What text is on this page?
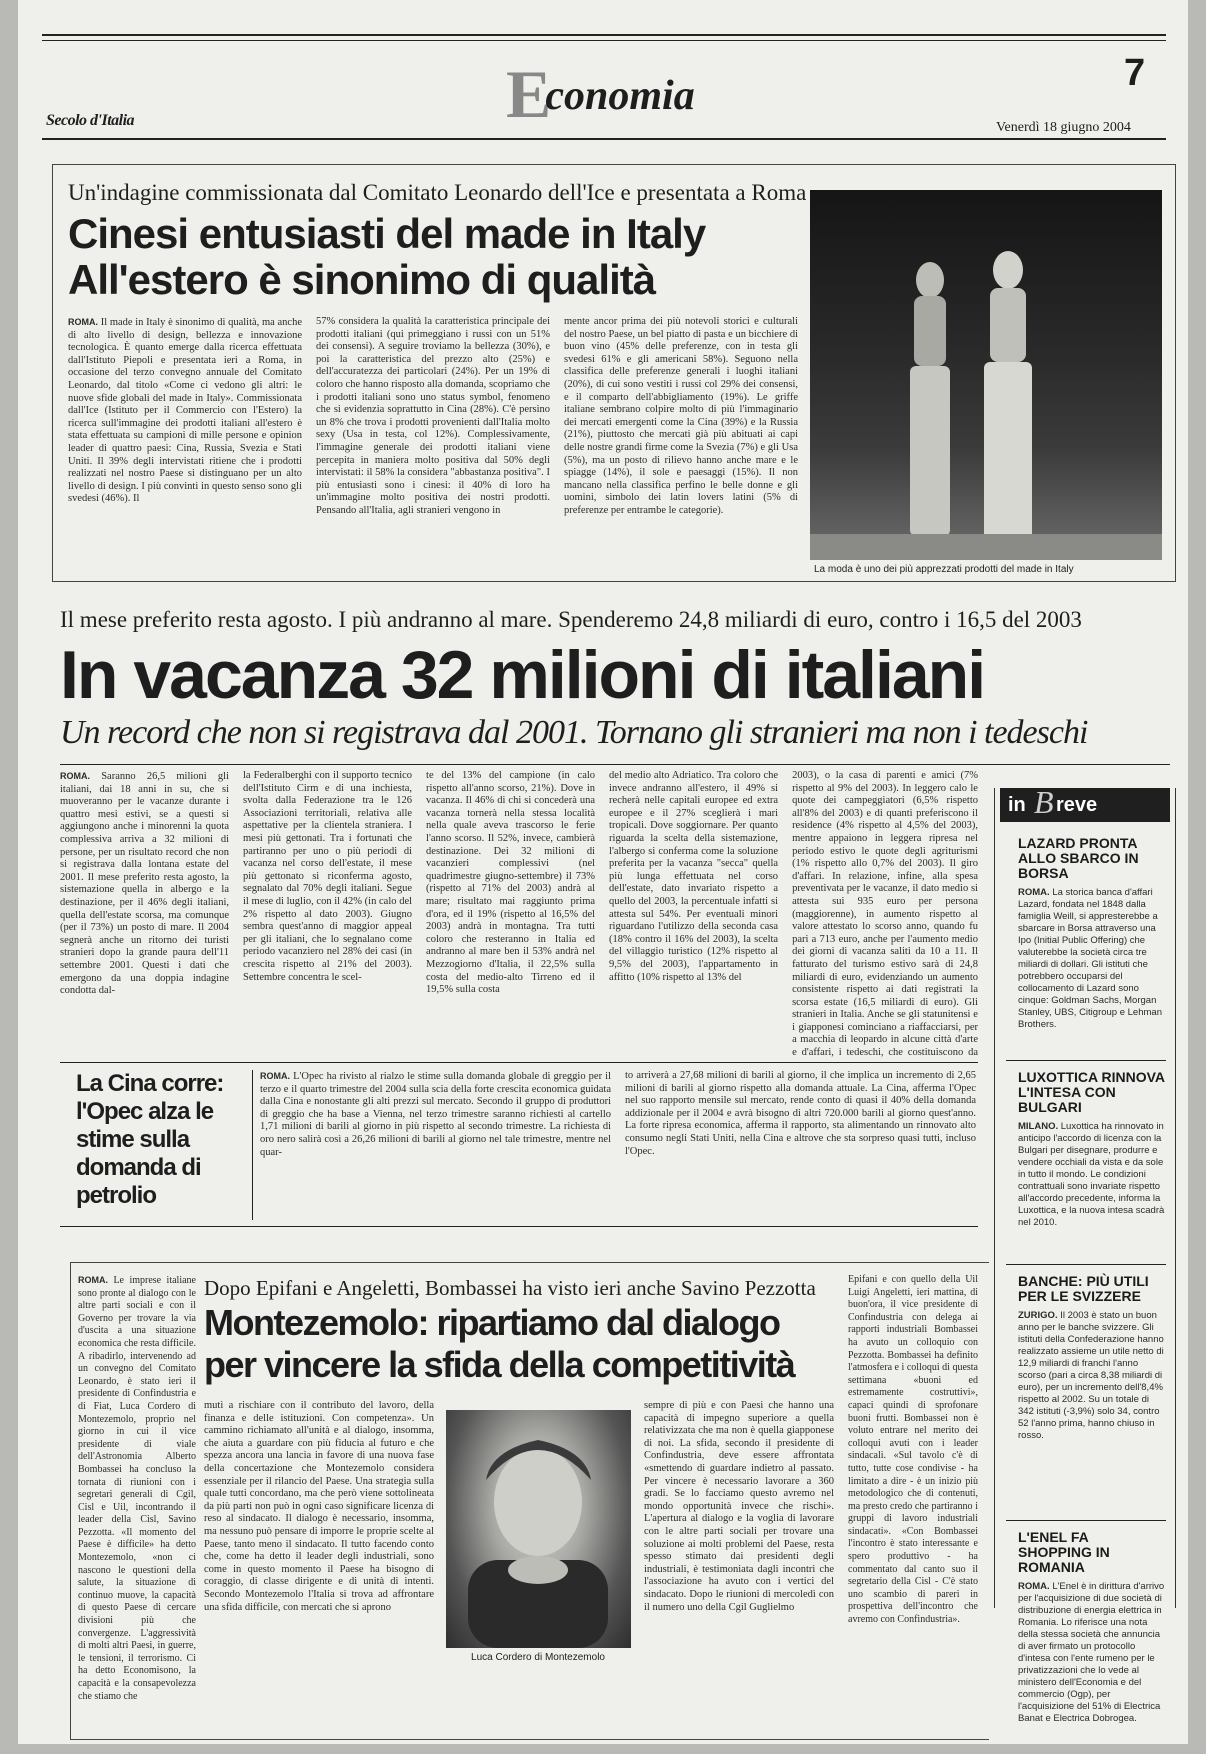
Secolo d'Italia	Economia	7
Venerdì 18 giugno 2004
Un'indagine commissionata dal Comitato Leonardo dell'Ice e presentata a Roma
Cinesi entusiasti del made in Italy
All'estero è sinonimo di qualità
ROMA. Il made in Italy è sinonimo di qualità, ma anche di alto livello di design, bellezza e innovazione tecnologica. È quanto emerge dalla ricerca effettuata dall'Istituto Piepoli e presentata ieri a Roma, in occasione del terzo convegno annuale del Comitato Leonardo, dal titolo «Come ci vedono gli altri: le nuove sfide globali del made in Italy». Commissionata dall'Ice (Istituto per il Commercio con l'Estero) la ricerca sull'immagine dei prodotti italiani all'estero è stata effettuata su campioni di mille persone e opinion leader di quattro paesi: Cina, Russia, Svezia e Stati Uniti. Il 39% degli intervistati ritiene che i prodotti realizzati nel nostro Paese si distinguano per un alto livello di design. I più convinti in questo senso sono gli svedesi (46%). Il
57% considera la qualità la caratteristica principale dei prodotti italiani (qui primeggiano i russi con un 51% dei consensi). A seguire troviamo la bellezza (30%), e poi la caratteristica del prezzo alto (25%) e dell'accuratezza dei particolari (24%). Per un 19% di coloro che hanno risposto alla domanda, scopriamo che i prodotti italiani sono uno status symbol, fenomeno che si evidenzia soprattutto in Cina (28%). C'è persino un 8% che trova i prodotti provenienti dall'Italia molto sexy (Usa in testa, col 12%). Complessivamente, l'immagine generale dei prodotti italiani viene percepita in maniera molto positiva dal 50% degli intervistati: il 58% la considera "abbastanza positiva". I più entusiasti sono i cinesi: il 40% di loro ha un'immagine molto positiva dei nostri prodotti. Pensando all'Italia, agli stranieri vengono in
mente ancor prima dei più notevoli storici e culturali del nostro Paese, un bel piatto di pasta e un bicchiere di buon vino (45% delle preferenze, con in testa gli svedesi 61% e gli americani 58%). Seguono nella classifica delle preferenze generali i luoghi italiani (20%), di cui sono vestiti i russi col 29% dei consensi, e il comparto dell'abbigliamento (19%). Le griffe italiane sembrano colpire molto di più l'immaginario dei mercati emergenti come la Cina (39%) e la Russia (21%), piuttosto che mercati già più abituati ai capi delle nostre grandi firme come la Svezia (7%) e gli Usa (5%), ma un posto di rilievo hanno anche mare e le spiagge (14%), il sole e paesaggi (15%). Il non mancano nella classifica perfino le belle donne e gli uomini, simbolo dei latin lovers latini (5% di preferenze per entrambe le categorie).
La moda è uno dei più apprezzati prodotti del made in Italy
Il mese preferito resta agosto. I più andranno al mare. Spenderemo 24,8 miliardi di euro, contro i 16,5 del 2003
In vacanza 32 milioni di italiani
Un record che non si registrava dal 2001. Tornano gli stranieri ma non i tedeschi
ROMA. Saranno 26,5 milioni gli italiani, dai 18 anni in su, che si muoveranno per le vacanze durante i quattro mesi estivi, se a questi si aggiungono anche i minorenni la quota complessiva arriva a 32 milioni di persone, per un risultato record che non si registrava dalla lontana estate del 2001. Il mese preferito resta agosto, la sistemazione quella in albergo e la destinazione, per il 46% degli italiani, quella dell'estate scorsa, ma comunque (per il 73%) un posto di mare. Il 2004 segnerà anche un ritorno dei turisti stranieri dopo la grande paura dell'11 settembre 2001. Questi i dati che emergono da una doppia indagine condotta dal-
la Federalberghi con il supporto tecnico dell'Istituto Cirm e di una inchiesta, svolta dalla Federazione tra le 126 Associazioni territoriali, relativa alle aspettative per la clientela straniera. I mesi più gettonati. Tra i fortunati che partiranno per uno o più periodi di vacanza nel corso dell'estate, il mese più gettonato si riconferma agosto, segnalato dal 70% degli italiani. Segue il mese di luglio, con il 42% (in calo del 2% rispetto al dato 2003). Giugno sembra quest'anno di maggior appeal per gli italiani, che lo segnalano come periodo vacanziero nel 28% dei casi (in crescita rispetto al 21% del 2003). Settembre concentra le scel-
te del 13% del campione (in calo rispetto all'anno scorso, 21%). Dove in vacanza. Il 46% di chi si concederà una vacanza tornerà nella stessa località nella quale aveva trascorso le ferie l'anno scorso. Il 52%, invece, cambierà destinazione. Dei 32 milioni di vacanzieri complessivi (nel quadrimestre giugno-settembre) il 73% (rispetto al 71% del 2003) andrà al mare; risultato mai raggiunto prima d'ora, ed il 19% (rispetto al 16,5% del 2003) andrà in montagna. Tra tutti coloro che resteranno in Italia ed andranno al mare ben il 53% andrà nel Mezzogiorno d'Italia, il 22,5% sulla costa del medio-alto Tirreno ed il 19,5% sulla costa
del medio alto Adriatico. Tra coloro che invece andranno all'estero, il 49% si recherà nelle capitali europee ed extra europee e il 27% sceglierà i mari tropicali. Dove soggiornare. Per quanto riguarda la scelta della sistemazione, l'albergo si conferma come la soluzione preferita per la vacanza "secca" quella più lunga effettuata nel corso dell'estate, dato invariato rispetto a quello del 2003, la percentuale infatti si attesta sul 54%. Per eventuali minori riguardano l'utilizzo della seconda casa (18% contro il 16% del 2003), la scelta del villaggio turistico (12% rispetto al 9,5% del 2003), l'appartamento in affitto (10% rispetto al 13% del
2003), o la casa di parenti e amici (7% rispetto al 9% del 2003). In leggero calo le quote dei campeggiatori (6,5% rispetto all'8% del 2003) e di quanti preferiscono il residence (4% rispetto al 4,5% del 2003), mentre appaiono in leggera ripresa nel periodo estivo le quote degli agriturismi (1% rispetto allo 0,7% del 2003). Il giro d'affari. In relazione, infine, alla spesa preventivata per le vacanze, il dato medio si attesta sui 935 euro per persona (maggiorenne), in aumento rispetto al valore attestato lo scorso anno, quando fu pari a 713 euro, anche per l'aumento medio dei giorni di vacanza saliti da 10 a 11. Il fatturato del turismo estivo sarà di 24,8 miliardi di euro, evidenziando un aumento consistente rispetto ai dati registrati la scorsa estate (16,5 miliardi di euro). Gli stranieri in Italia. Anche se gli statunitensi e i giapponesi cominciano a riaffacciarsi, per a macchia di leopardo in alcune città d'arte e d'affari, i tedeschi, che costituiscono da
in B reve
LAZARD PRONTA ALLO SBARCO IN BORSA
ROMA. La storica banca d'affari Lazard, fondata nel 1848 dalla famiglia Weill, si appresterebbe a sbarcare in Borsa attraverso una Ipo (Initial Public Offering) che valuterebbe la società circa tre miliardi di dollari. Gli istituti che potrebbero occuparsi del collocamento di Lazard sono cinque: Goldman Sachs, Morgan Stanley, UBS, Citigroup e Lehman Brothers.
LUXOTTICA RINNOVA L'INTESA CON BULGARI
MILANO. Luxottica ha rinnovato in anticipo l'accordo di licenza con la Bulgari per disegnare, produrre e vendere occhiali da vista e da sole in tutto il mondo. Le condizioni contrattuali sono invariate rispetto all'accordo precedente, informa la Luxottica, e la nuova intesa scadrà nel 2010.
BANCHE: PIÙ UTILI PER LE SVIZZERE
ZURIGO. Il 2003 è stato un buon anno per le banche svizzere. Gli istituti della Confederazione hanno realizzato assieme un utile netto di 12,9 miliardi di franchi l'anno scorso (pari a circa 8,38 miliardi di euro), per un incremento dell'8,4% rispetto al 2002. Su un totale di 342 istituti (-3,9%) solo 34, contro 52 l'anno prima, hanno chiuso in rosso.
L'ENEL FA SHOPPING IN ROMANIA
ROMA. L'Enel è in dirittura d'arrivo per l'acquisizione di due società di distribuzione di energia elettrica in Romania. Lo riferisce una nota della stessa società che annuncia di aver firmato un protocollo d'intesa con l'ente rumeno per le privatizzazioni che lo vede al ministero dell'Economia e del commercio (Ogp), per l'acquisizione del 51% di Electrica Banat e Electrica Dobrogea.
La Cina corre: l'Opec alza le stime sulla domanda di petrolio
ROMA. L'Opec ha rivisto al rialzo le stime sulla domanda globale di greggio per il terzo e il quarto trimestre del 2004 sulla scia della forte crescita economica guidata dalla Cina e nonostante gli alti prezzi sul mercato. Secondo il gruppo di produttori di greggio che ha base a Vienna, nel terzo trimestre saranno richiesti al cartello 1,71 milioni di barili al giorno in più rispetto al secondo trimestre. La richiesta di oro nero salirà così a 26,26 milioni di barili al giorno nel tale trimestre, mentre nel quar-
to arriverà a 27,68 milioni di barili al giorno, il che implica un incremento di 2,65 milioni di barili al giorno rispetto alla domanda attuale. La Cina, afferma l'Opec nel suo rapporto mensile sul mercato, rende conto di quasi il 40% della domanda addizionale per il 2004 e avrà bisogno di altri 720.000 barili al giorno quest'anno. La forte ripresa economica, afferma il rapporto, sta alimentando un rinnovato alto consumo negli Stati Uniti, nella Cina e altrove che sta sorpreso quasi tutti, incluso l'Opec.
ROMA. Le imprese italiane sono pronte al dialogo con le altre parti sociali e con il Governo per trovare la via d'uscita a una situazione economica che resta difficile. A ribadirlo, intervenendo ad un convegno del Comitato Leonardo, è stato ieri il presidente di Confindustria e di Fiat, Luca Cordero di Montezemolo, proprio nel giorno in cui il vice presidente di viale dell'Astronomia Alberto Bombassei ha concluso la tornata di riunioni con i segretari generali di Cgil, Cisl e Uil, incontrando il leader della Cisl, Savino Pezzotta. «Il momento del Paese è difficile» ha detto Montezemolo, «non ci nascono le questioni della salute, la situazione di continuo muove, la capacità di questo Paese di cercare divisioni più che convergenze. L'aggressività di molti altri Paesi, in guerre, le tensioni, il terrorismo. Ci ha detto Economisono, la capacità e la consapevolezza che stiamo che
Dopo Epifani e Angeletti, Bombassei ha visto ieri anche Savino Pezzotta
Montezemolo: ripartiamo dal dialogo
per vincere la sfida della competitività
mutì a rischiare con il contributo del lavoro, della finanza e delle istituzioni. Con competenza». Un cammino richiamato all'unità e al dialogo, insomma, che aiuta a guardare con più fiducia al futuro e che spezza ancora una lancia in favore di una nuova fase della concertazione che Montezemolo considera essenziale per il rilancio del Paese. Una strategia sulla quale tutti concordano, ma che però viene sottolineata da più parti non può in ogni caso significare licenza di reso al sindacato. Il dialogo è necessario, insomma, ma nessuno può pensare di imporre le proprie scelte al Paese, tanto meno il sindacato. Il tutto facendo conto che, come ha detto il leader degli industriali, sono come in questo momento il Paese ha bisogno di coraggio, di classe dirigente e di unità di intenti. Secondo Montezemolo l'Italia si trova ad affrontare una sfida difficile, con mercati che si aprono
Luca Cordero di Montezemolo
sempre di più e con Paesi che hanno una capacità di impegno superiore a quella relativizzata che ma non è quella giapponese di noi. La sfida, secondo il presidente di Confindustria, deve essere affrontata «smettendo di guardare indietro al passato. Per vincere è necessario lavorare a 360 gradi. Se lo facciamo questo avremo nel mondo opportunità invece che rischi». L'apertura al dialogo e la voglia di lavorare con le altre parti sociali per trovare una soluzione ai molti problemi del Paese, resta spesso stimato dai presidenti degli industriali, è testimoniata dagli incontri che l'associazione ha avuto con i vertici del sindacato. Dopo le riunioni di mercoledì con il numero uno della Cgil Guglielmo
Epifani e con quello della Uil Luigi Angeletti, ieri mattina, di buon'ora, il vice presidente di Confindustria con delega ai rapporti industriali Bombassei ha avuto un colloquio con Pezzotta. Bombassei ha definito l'atmosfera e i colloqui di questa settimana «buoni ed estremamente costruttivi», capaci quindi di sprofonare buoni frutti. Bombassei non è voluto entrare nel merito dei colloqui avuti con i leader sindacali. «Sul tavolo c'è di tutto, tutte cose condivise - ha limitato a dire - è un inizio più metodologico che di contenuti, ma presto credo che partiranno i gruppi di lavoro industriali sindacati». «Con Bombassei l'incontro è stato interessante e spero produttivo - ha commentato dal canto suo il segretario della Cisl - C'è stato uno scambio di pareri in prospettiva dell'incontro che avremo con Confindustria».
